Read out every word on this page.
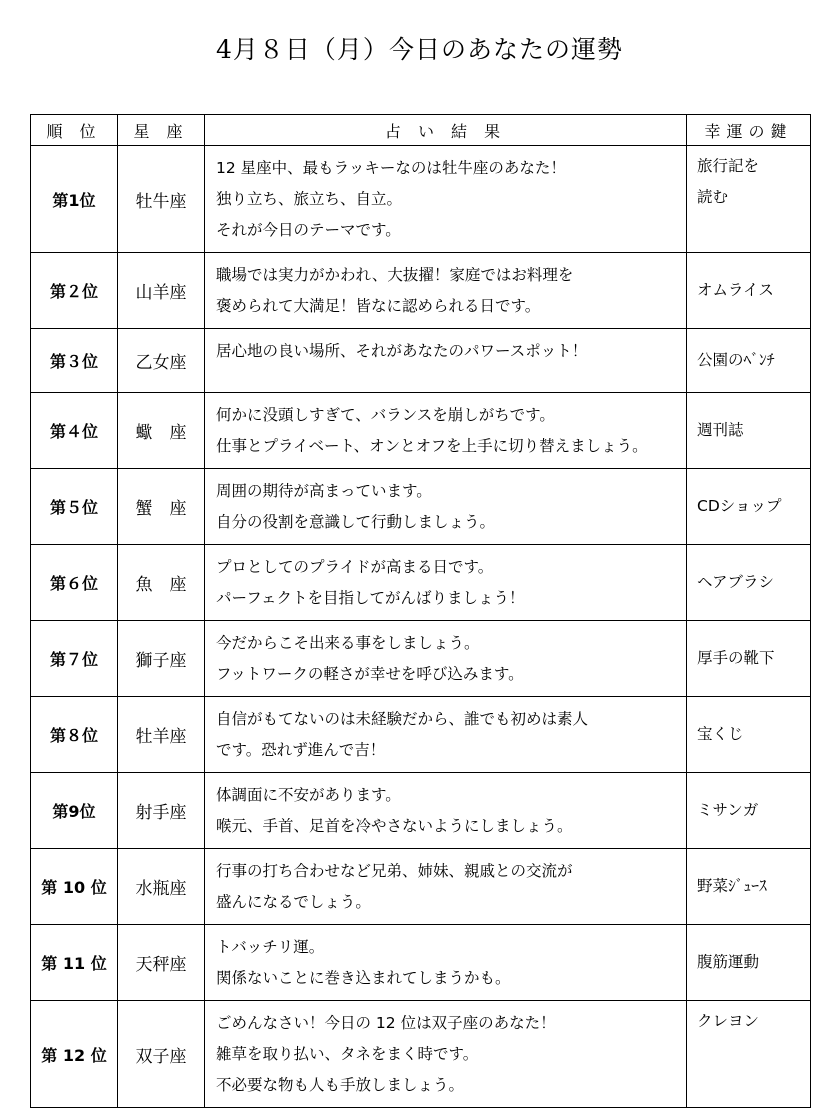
4月８日（月）今日のあなたの運勢
順 位	星 座	占 い 結 果	幸運の鍵
第1位	牡牛座	12 星座中、最もラッキーなのは牡牛座のあなた！
独り立ち、旅立ち、自立。
それが今日のテーマです。	旅行記を
読む

第２位	山羊座	職場では実力がかわれ、大抜擢！家庭ではお料理を
褒められて大満足！皆なに認められる日です。	オムライス

第３位	乙女座	居心地の良い場所、それがあなたのパワースポット！	公園のﾍﾞﾝﾁ

第４位	蠍　座	何かに没頭しすぎて、バランスを崩しがちです。
仕事とプライベート、オンとオフを上手に切り替えましょう。	週刊誌

第５位	蟹　座	周囲の期待が高まっています。
自分の役割を意識して行動しましょう。	CDショップ

第６位	魚　座	プロとしてのプライドが高まる日です。
パーフェクトを目指してがんばりましょう！	ヘアブラシ

第７位	獅子座	今だからこそ出来る事をしましょう。
フットワークの軽さが幸せを呼び込みます。	厚手の靴下

第８位	牡羊座	自信がもてないのは未経験だから、誰でも初めは素人
です。恐れず進んで吉！	宝くじ

第9位	射手座	体調面に不安があります。
喉元、手首、足首を冷やさないようにしましょう。	ミサンガ

第 10 位	水瓶座	行事の打ち合わせなど兄弟、姉妹、親戚との交流が
盛んになるでしょう。	野菜ｼﾞｭｰｽ

第 11 位	天秤座	トバッチリ運。
関係ないことに巻き込まれてしまうかも。	腹筋運動

第 12 位	双子座	ごめんなさい！今日の 12 位は双子座のあなた！
雑草を取り払い、タネをまく時です。
不必要な物も人も手放しましょう。	クレヨン
